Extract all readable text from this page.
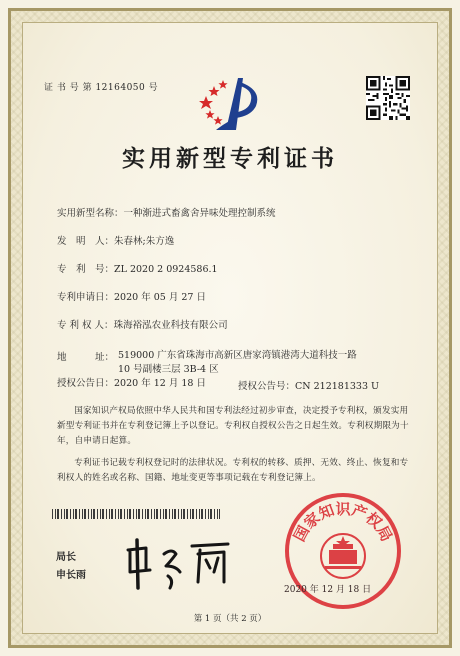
证 书 号 第 12164050 号
实用新型专利证书
实用新型名称：一种渐进式畜禽舍异味处理控制系统
发　明　人：朱春林;朱方逸
专　利　号：ZL 2020 2 0924586.1
专利申请日：2020 年 05 月 27 日
专 利 权 人：珠海裕泓农业科技有限公司
地　　　址： 519000 广东省珠海市高新区唐家湾镇港湾大道科技一路 10 号副楼三层 3B-4 区
授权公告日：2020 年 12 月 18 日	授权公告号：CN 212181333 U
国家知识产权局依照中华人民共和国专利法经过初步审查，决定授予专利权，颁发实用新型专利证书并在专利登记簿上予以登记。专利权自授权公告之日起生效。专利权期限为十年，自申请日起算。
专利证书记载专利权登记时的法律状况。专利权的转移、质押、无效、终止、恢复和专利权人的姓名或名称、国籍、地址变更等事项记载在专利登记簿上。
局长
申长雨
国家知识产权局
2020 年 12 月 18 日
第 1 页（共 2 页）
